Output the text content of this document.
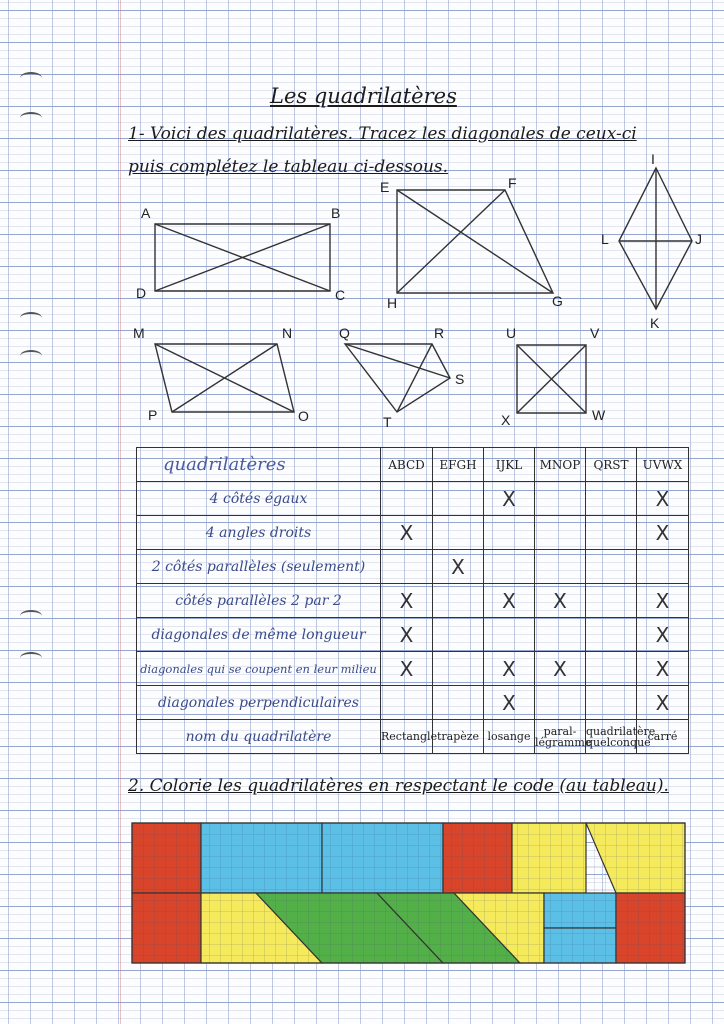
Les quadrilatères
1- Voici des quadrilatères. Tracez les diagonales de ceux-ci
puis complétez le tableau ci-dessous.
A	B
C
D
E	F
G
H
I
J
K
L
M	N
O
P
Q	R
S
T
U	V
W
X
quadrilatères	ABCD	EFGH	IJKL	MNOP	QRST	UVWX
4 côtés égaux			X			X
4 angles droits	X					X
2 côtés parallèles (seulement)		X				
côtés parallèles 2 par 2	X		X	X		X
diagonales de même longueur	X					X
diagonales qui se coupent en leur milieu	X		X	X		X
diagonales perpendiculaires			X			X
nom du quadrilatère	Rectangle	trapèze	losange	paral-légramme	quadrilatère quelconque	carré
2. Colorie les quadrilatères en respectant le code (au tableau).
